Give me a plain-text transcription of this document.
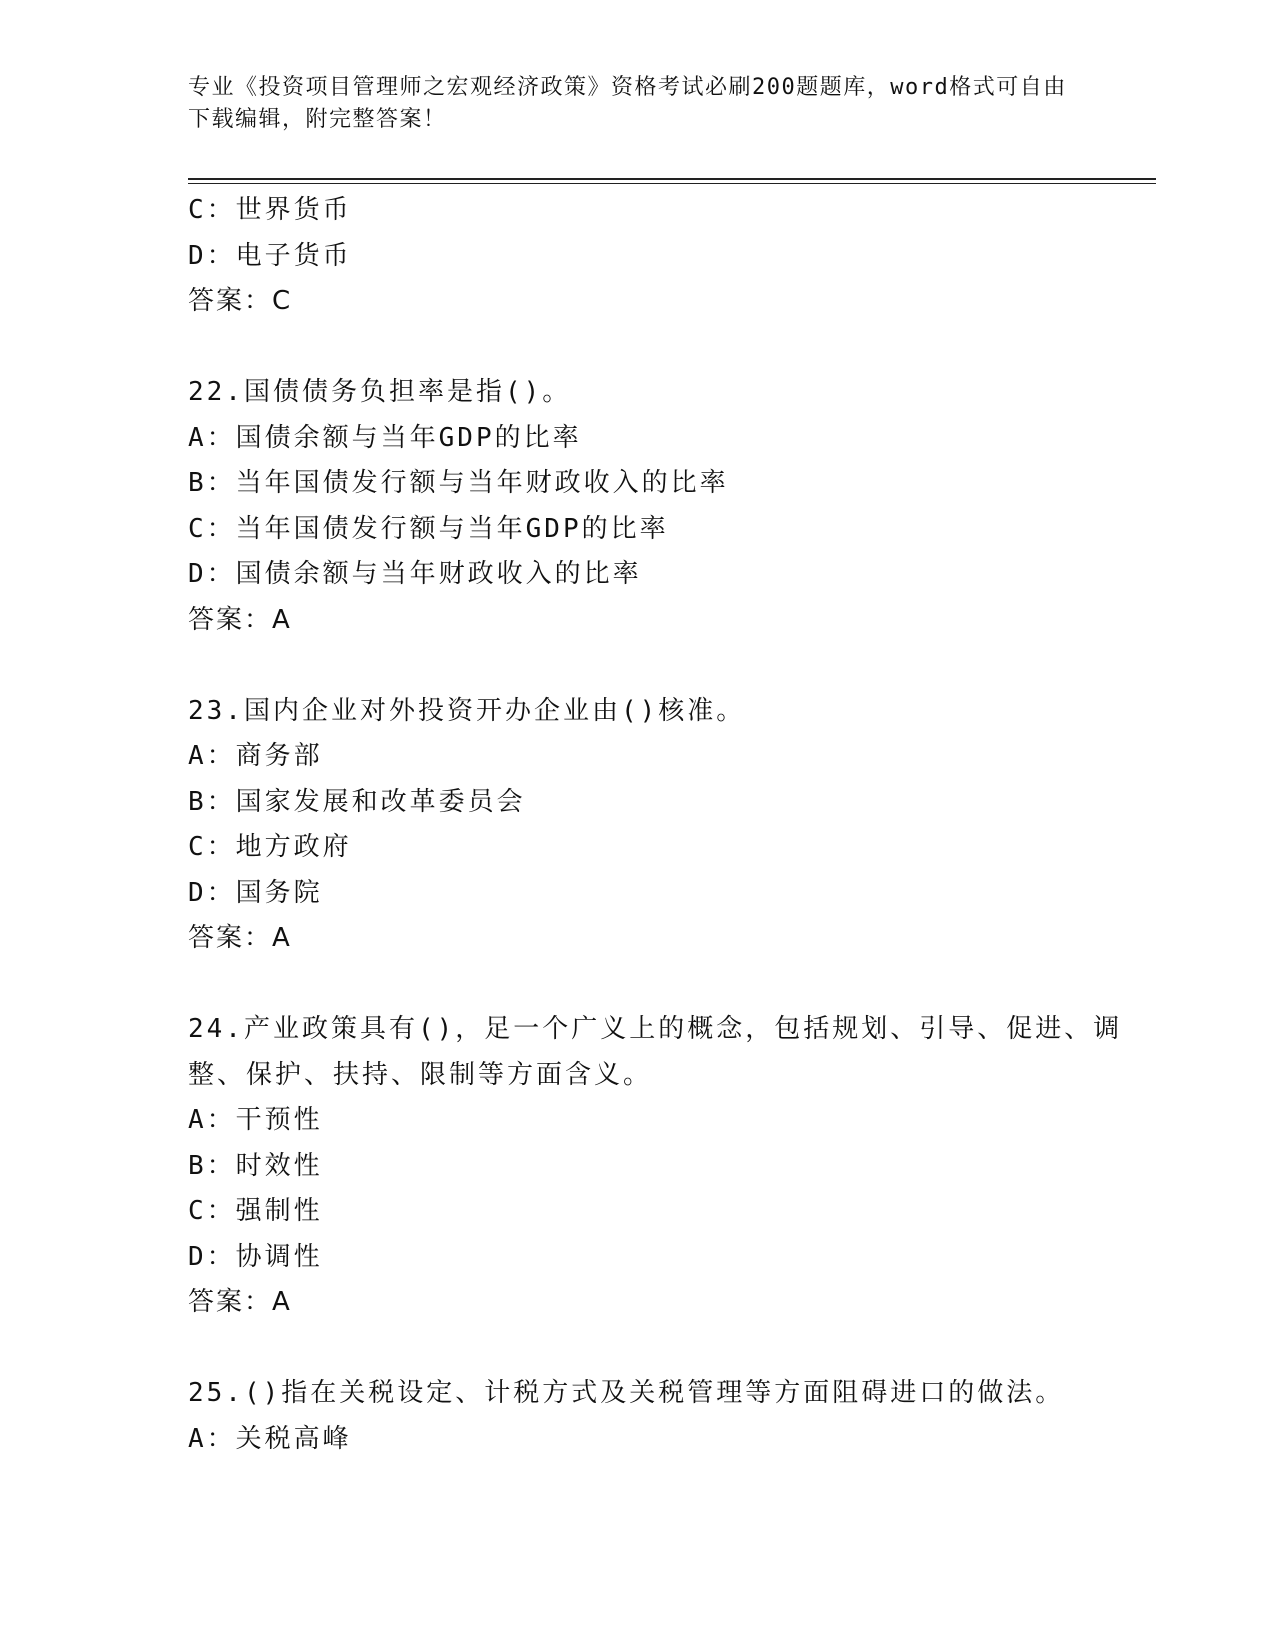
专业《投资项目管理师之宏观经济政策》资格考试必刷200题题库，word格式可自由下载编辑，附完整答案！
C：世界货币
D：电子货币
答案：C
22.国债债务负担率是指()。
A：国债余额与当年GDP的比率
B：当年国债发行额与当年财政收入的比率
C：当年国债发行额与当年GDP的比率
D：国债余额与当年财政收入的比率
答案：A
23.国内企业对外投资开办企业由()核准。
A：商务部
B：国家发展和改革委员会
C：地方政府
D：国务院
答案：A
24.产业政策具有()，足一个广义上的概念，包括规划、引导、促进、调整、保护、扶持、限制等方面含义。
A：干预性
B：时效性
C：强制性
D：协调性
答案：A
25.()指在关税设定、计税方式及关税管理等方面阻碍进口的做法。
A：关税高峰
